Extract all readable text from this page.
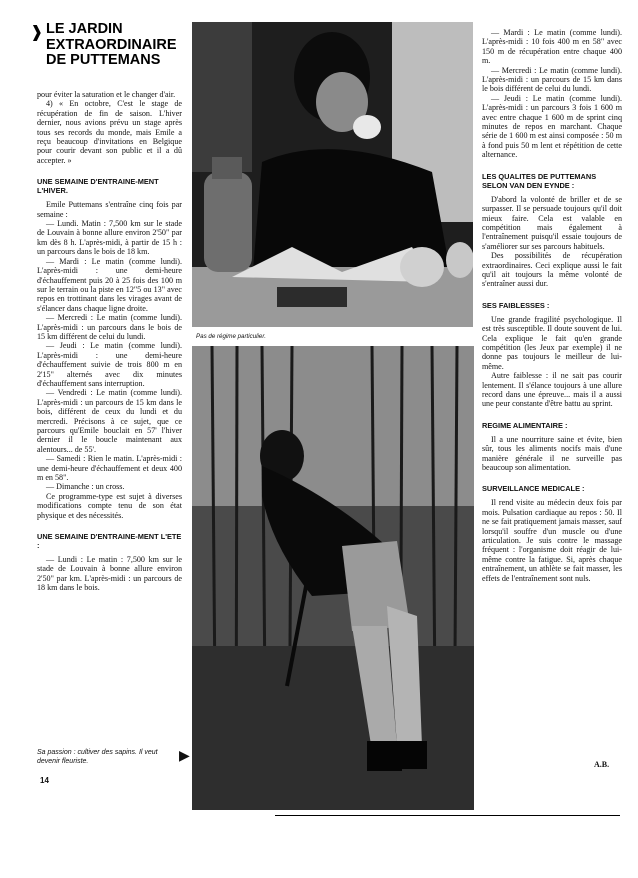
❱ LE JARDIN
EXTRAORDINAIRE
DE PUTTEMANS

pour éviter la saturation et le changer d'air.

4) « En octobre, C'est le stage de récupération de fin de saison. L'hiver dernier, nous avions prévu un stage après tous ses records du monde, mais Emile a reçu beaucoup d'invitations en Belgique pour courir devant son public et il a dû accepter. »

UNE SEMAINE D'ENTRAINE-MENT L'HIVER.

Emile Puttemans s'entraîne cinq fois par semaine :

— Lundi. Matin : 7,500 km sur le stade de Louvain à bonne allure environ 2'50" par km dès 8 h. L'après-midi, à partir de 15 h : un parcours dans le bois de 18 km.

— Mardi : Le matin (comme lundi). L'après-midi : une demi-heure d'échauffement puis 20 à 25 fois des 100 m sur le terrain ou la piste en 12"5 ou 13" avec repos en trottinant dans les virages avant de s'élancer dans chaque ligne droite.

— Mercredi : Le matin (comme lundi). L'après-midi : un parcours dans le bois de 15 km différent de celui du lundi.

— Jeudi : Le matin (comme lundi). L'après-midi : une demi-heure d'échauffement suivie de trois 800 m en 2'15" alternés avec dix minutes d'échauffement sans interruption.

— Vendredi : Le matin (comme lundi). L'après-midi : un parcours de 15 km dans le bois, différent de ceux du lundi et du mercredi. Précisons à ce sujet, que ce parcours qu'Emile bouclait en 57' l'hiver dernier il le boucle maintenant aux alentours... de 55'.

— Samedi : Rien le matin. L'après-midi : une demi-heure d'échauffement et deux 400 m en 58".

— Dimanche : un cross.

Ce programme-type est sujet à diverses modifications compte tenu de son état physique et des nécessités.

UNE SEMAINE D'ENTRAINE-MENT L'ETE :

— Lundi : Le matin : 7,500 km sur le stade de Louvain à bonne allure environ 2'50" par km. L'après-midi : un parcours de 18 km dans le bois.

Pas de régime particulier.

— Mardi : Le matin (comme lundi). L'après-midi : 10 fois 400 m en 58" avec 150 m de récupération entre chaque 400 m.

— Mercredi : Le matin (comme lundi). L'après-midi : un parcours de 15 km dans le bois différent de celui du lundi.

— Jeudi : Le matin (comme lundi). L'après-midi : un parcours 3 fois 1 600 m avec entre chaque 1 600 m de sprint cinq minutes de repos en marchant. Chaque série de 1 600 m est ainsi composée : 50 m à fond puis 50 m lent et répétition de cette alternance.

LES QUALITES DE PUTTEMANS SELON VAN DEN EYNDE :

D'abord la volonté de briller et de se surpasser. Il se persuade toujours qu'il doit mieux faire. Cela est valable en compétition mais également à l'entraînement puisqu'il essaie toujours de s'améliorer sur ses parcours habituels.

Des possibilités de récupération extraordinaires. Ceci explique aussi le fait qu'il ait toujours la même volonté de s'entraîner aussi dur.

SES FAIBLESSES :

Une grande fragilité psychologique. Il est très susceptible. Il doute souvent de lui. Cela explique le fait qu'en grande compétition (les Jeux par exemple) il ne donne pas toujours le meilleur de lui-même.

Autre faiblesse : il ne sait pas courir lentement. Il s'élance toujours à une allure record dans une épreuve... mais il a aussi une peur constante d'être battu au sprint.

REGIME ALIMENTAIRE :

Il a une nourriture saine et évite, bien sûr, tous les aliments nocifs mais d'une manière générale il ne surveille pas beaucoup son alimentation.

SURVEILLANCE MEDICALE :

Il rend visite au médecin deux fois par mois. Pulsation cardiaque au repos : 50. Il ne se fait pratiquement jamais masser, sauf lorsqu'il souffre d'un muscle ou d'une articulation. Je suis contre le massage fréquent : l'organisme doit réagir de lui-même contre la fatigue. Si, après chaque entraînement, un athlète se fait masser, les effets de l'entraînement sont nuls.

Sa passion : cultiver des sapins. Il veut devenir fleuriste.	▶
14
A.B.
